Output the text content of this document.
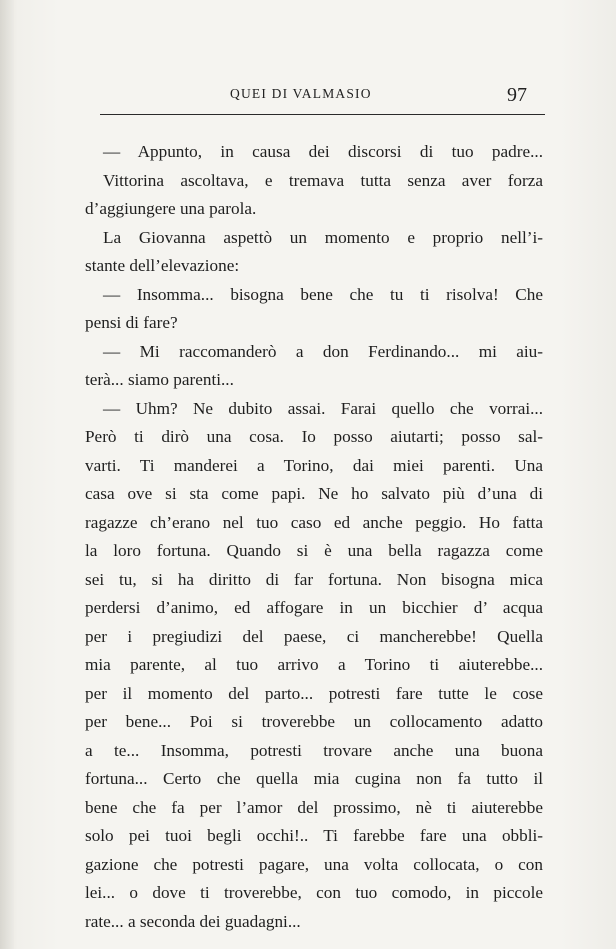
QUEI DI VALMASIO	97
— Appunto, in causa dei discorsi di tuo padre...
Vittorina ascoltava, e tremava tutta senza aver forza
d’aggiungere una parola.
La Giovanna aspettò un momento e proprio nell’i-
stante dell’elevazione:
— Insomma... bisogna bene che tu ti risolva! Che
pensi di fare?
— Mi raccomanderò a don Ferdinando... mi aiu-
terà... siamo parenti...
— Uhm? Ne dubito assai. Farai quello che vorrai...
Però ti dirò una cosa. Io posso aiutarti; posso sal-
varti. Ti manderei a Torino, dai miei parenti. Una
casa ove si sta come papi. Ne ho salvato più d’una di
ragazze ch’erano nel tuo caso ed anche peggio. Ho fatta
la loro fortuna. Quando si è una bella ragazza come
sei tu, si ha diritto di far fortuna. Non bisogna mica
perdersi d’animo, ed affogare in un bicchier d’ acqua
per i pregiudizi del paese, ci mancherebbe! Quella
mia parente, al tuo arrivo a Torino ti aiuterebbe...
per il momento del parto... potresti fare tutte le cose
per bene... Poi si troverebbe un collocamento adatto
a te... Insomma, potresti trovare anche una buona
fortuna... Certo che quella mia cugina non fa tutto il
bene che fa per l’amor del prossimo, nè ti aiuterebbe
solo pei tuoi begli occhi!.. Ti farebbe fare una obbli-
gazione che potresti pagare, una volta collocata, o con
lei... o dove ti troverebbe, con tuo comodo, in piccole
rate... a seconda dei guadagni...
